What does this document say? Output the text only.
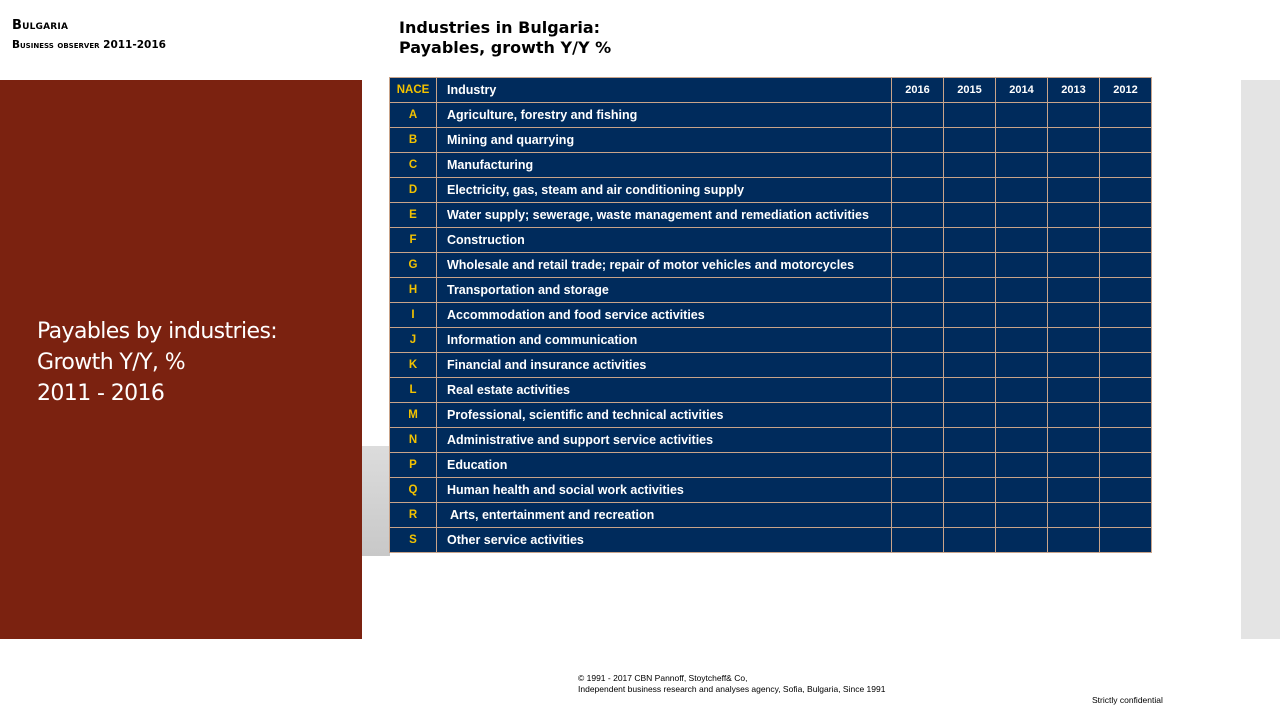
Bulgaria
Business observer 2011-2016
Industries in Bulgaria:
Payables, growth Y/Y %
Payables by industries:
Growth Y/Y, %
2011 - 2016
NACE	Industry	2016	2015	2014	2013	2012
A	Agriculture, forestry and fishing					
B	Mining and quarrying					
C	Manufacturing					
D	Electricity, gas, steam and air conditioning supply					
E	Water supply; sewerage, waste management and remediation activities					
F	Construction					
G	Wholesale and retail trade; repair of motor vehicles and motorcycles					
H	Transportation and storage					
I	Accommodation and food service activities					
J	Information and communication					
K	Financial and insurance activities					
L	Real estate activities					
M	Professional, scientific and technical activities					
N	Administrative and support service activities					
P	Education					
Q	Human health and social work activities					
R	Arts, entertainment and recreation					
S	Other service activities					
© 1991 - 2017 CBN Pannoff, Stoytcheff& Co,
Independent business research and analyses agency, Sofia, Bulgaria, Since 1991
Strictly confidential
